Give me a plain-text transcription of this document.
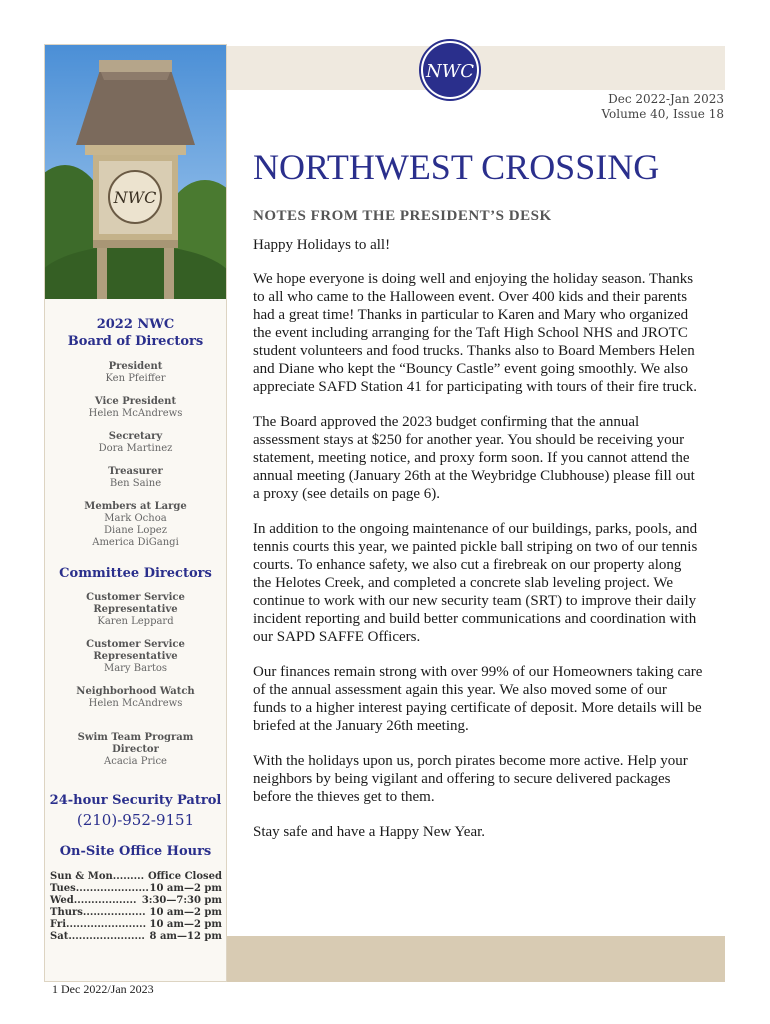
NWC
NWC
Dec 2022-Jan 2023
Volume 40, Issue 18
NORTHWEST CROSSING
NOTES FROM THE PRESIDENT’S DESK

Happy Holidays to all!

We hope everyone is doing well and enjoying the holiday season. Thanks to all who came to the Halloween event. Over 400 kids and their parents had a great time! Thanks in particular to Karen and Mary who organized the event including arranging for the Taft High School NHS and JROTC student volunteers and food trucks. Thanks also to Board Members Helen and Diane who kept the “Bouncy Castle” event going smoothly. We also appreciate SAFD Station 41 for participating with tours of their fire truck.

The Board approved the 2023 budget confirming that the annual assessment stays at $250 for another year. You should be receiving your statement, meeting notice, and proxy form soon. If you cannot attend the annual meeting (January 26th at the Weybridge Clubhouse) please fill out a proxy (see details on page 6).

In addition to the ongoing maintenance of our buildings, parks, pools, and tennis courts this year, we painted pickle ball striping on two of our tennis courts. To enhance safety, we also cut a firebreak on our property along the Helotes Creek, and completed a concrete slab leveling project. We continue to work with our new security team (SRT) to improve their daily incident reporting and build better communications and coordination with our SAPD SAFFE Officers.

Our finances remain strong with over 99% of our Homeowners taking care of the annual assessment again this year. We also moved some of our funds to a higher interest paying certificate of deposit. More details will be briefed at the January 26th meeting.

With the holidays upon us, porch pirates become more active. Help your neighbors by being vigilant and offering to secure delivered packages before the thieves get to them.

Stay safe and have a Happy New Year.

2022 NWC
Board of Directors
President
Ken Pfeiffer
Vice President
Helen McAndrews
Secretary
Dora Martinez
Treasurer
Ben Saine
Members at Large
Mark Ochoa
Diane Lopez
America DiGangi
Committee Directors
Customer Service Representative
Karen Leppard
Customer Service Representative
Mary Bartos
Neighborhood Watch
Helen McAndrews
Swim Team Program Director
Acacia Price
24-hour Security Patrol
(210)-952-9151
On-Site Office Hours
Sun & Mon......... Office Closed
Tues..................... 10 am—2 pm
Wed.................. 3:30—7:30 pm
Thurs.................. 10 am—2 pm
Fri....................... 10 am—2 pm
Sat...................... 8 am—12 pm
1 Dec 2022/Jan 2023
